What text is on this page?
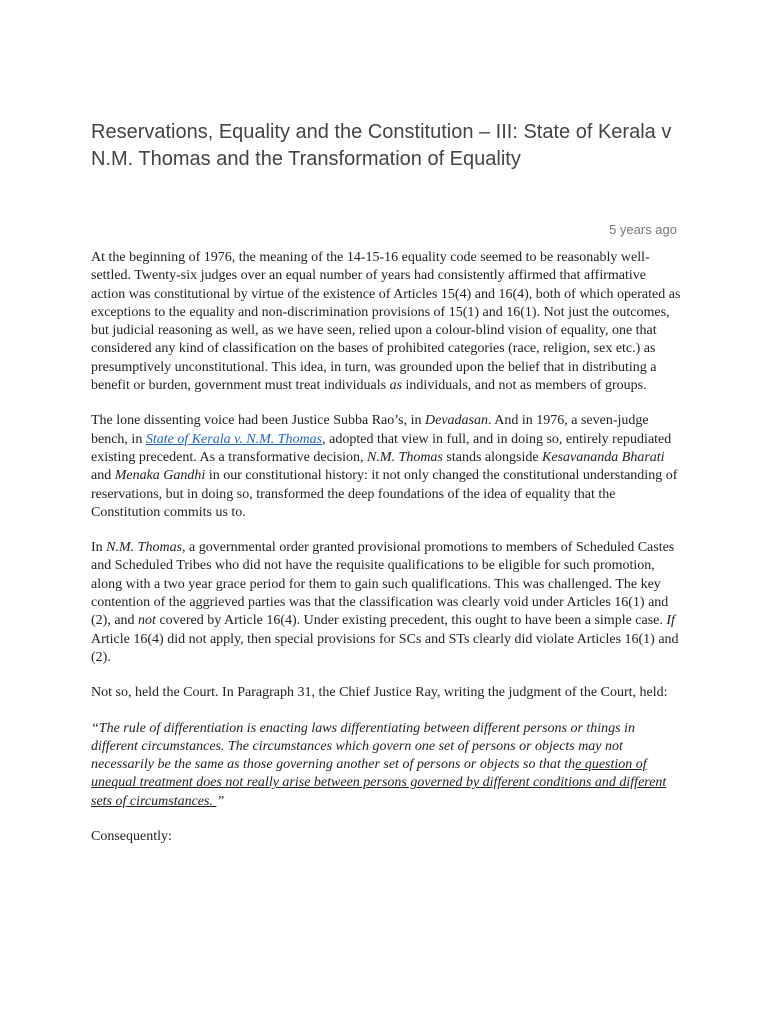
Reservations, Equality and the Constitution – III: State of Kerala v N.M. Thomas and the Transformation of Equality
5 years ago

At the beginning of 1976, the meaning of the 14-15-16 equality code seemed to be reasonably well-settled. Twenty-six judges over an equal number of years had consistently affirmed that affirmative action was constitutional by virtue of the existence of Articles 15(4) and 16(4), both of which operated as exceptions to the equality and non-discrimination provisions of 15(1) and 16(1). Not just the outcomes, but judicial reasoning as well, as we have seen, relied upon a colour-blind vision of equality, one that considered any kind of classification on the bases of prohibited categories (race, religion, sex etc.) as presumptively unconstitutional. This idea, in turn, was grounded upon the belief that in distributing a benefit or burden, government must treat individuals as individuals, and not as members of groups.

The lone dissenting voice had been Justice Subba Rao’s, in Devadasan. And in 1976, a seven-judge bench, in State of Kerala v. N.M. Thomas, adopted that view in full, and in doing so, entirely repudiated existing precedent. As a transformative decision, N.M. Thomas stands alongside Kesavananda Bharati and Menaka Gandhi in our constitutional history: it not only changed the constitutional understanding of reservations, but in doing so, transformed the deep foundations of the idea of equality that the Constitution commits us to.

In N.M. Thomas, a governmental order granted provisional promotions to members of Scheduled Castes and Scheduled Tribes who did not have the requisite qualifications to be eligible for such promotion, along with a two year grace period for them to gain such qualifications. This was challenged. The key contention of the aggrieved parties was that the classification was clearly void under Articles 16(1) and (2), and not covered by Article 16(4). Under existing precedent, this ought to have been a simple case. If Article 16(4) did not apply, then special provisions for SCs and STs clearly did violate Articles 16(1) and (2).

Not so, held the Court. In Paragraph 31, the Chief Justice Ray, writing the judgment of the Court, held:

“The rule of differentiation is enacting laws differentiating between different persons or things in different circumstances. The circumstances which govern one set of persons or objects may not necessarily be the same as those governing another set of persons or objects so that the question of unequal treatment does not really arise between persons governed by different conditions and different sets of circumstances. ”

Consequently:
